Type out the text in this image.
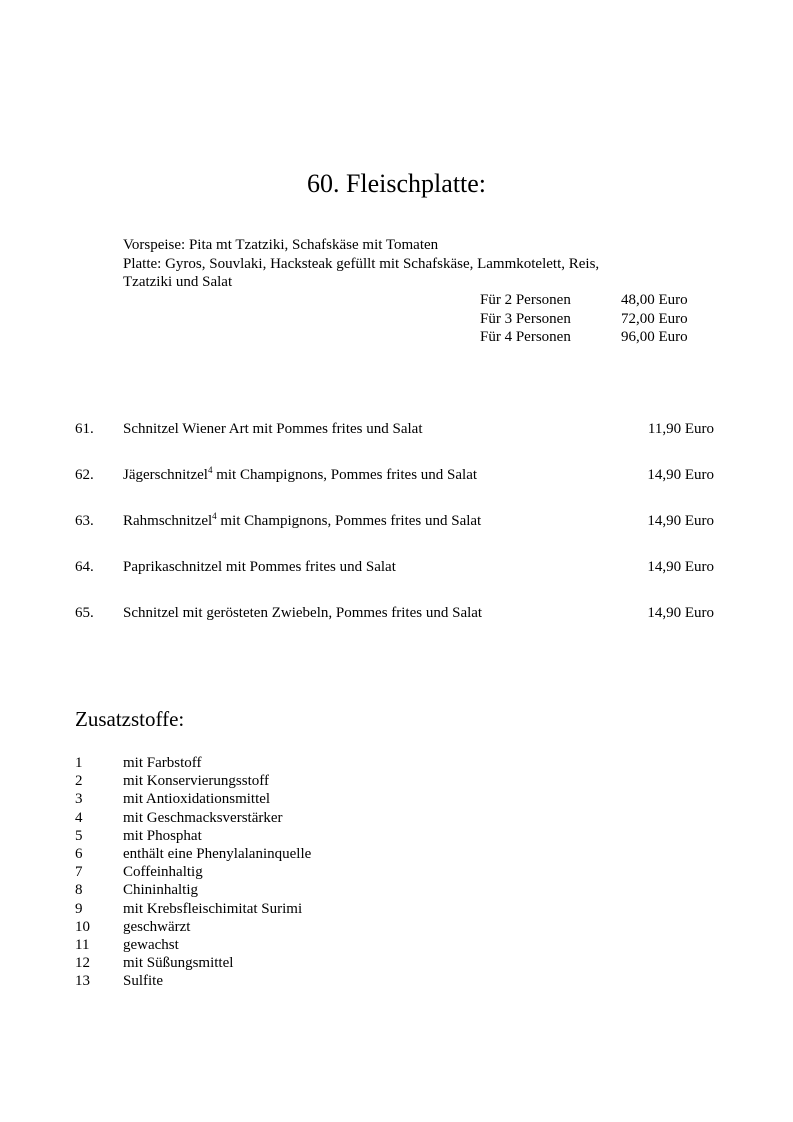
60. Fleischplatte:
Vorspeise: Pita mt Tzatziki, Schafskäse mit Tomaten
Platte: Gyros, Souvlaki, Hacksteak gefüllt mit Schafskäse, Lammkotelett, Reis,
Tzatziki und Salat
Für 2 Personen	48,00 Euro
Für 3 Personen	72,00 Euro
Für 4 Personen	96,00 Euro
61. Schnitzel Wiener Art mit Pommes frites und Salat	11,90 Euro
62. Jägerschnitzel$^4$ mit Champignons, Pommes frites und Salat	14,90 Euro
63. Rahmschnitzel$^4$ mit Champignons, Pommes frites und Salat	14,90 Euro
64. Paprikaschnitzel mit Pommes frites und Salat	14,90 Euro
65. Schnitzel mit gerösteten Zwiebeln, Pommes frites und Salat	14,90 Euro
Zusatzstoffe:
1	mit Farbstoff
2	mit Konservierungsstoff
3	mit Antioxidationsmittel
4	mit Geschmacksverstärker
5	mit Phosphat
6	enthält eine Phenylalaninquelle
7	Coffeinhaltig
8	Chininhaltig
9	mit Krebsfleischimitat Surimi
10 geschwärzt
11 gewachst
12 mit Süßungsmittel
13 Sulfite
